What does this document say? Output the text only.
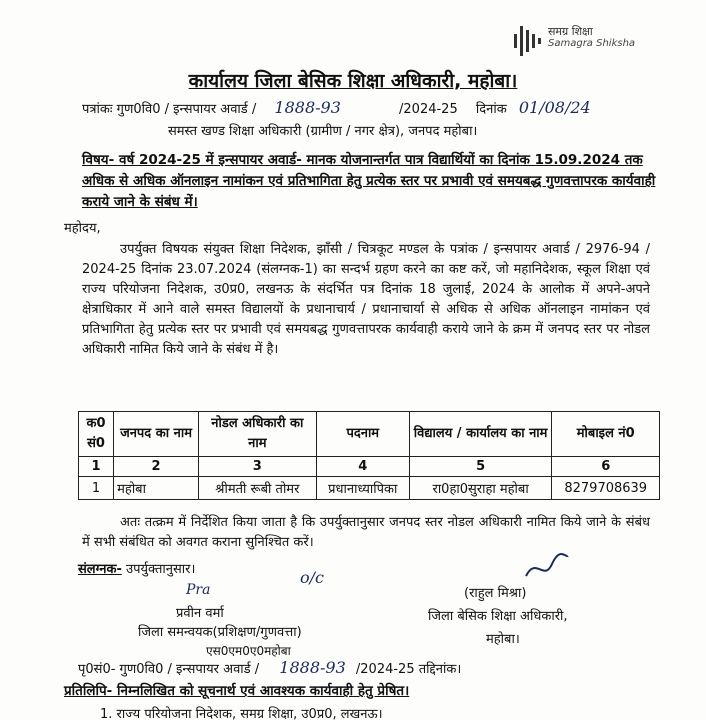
समग्र शिक्षा
Samagra Shiksha
कार्यालय जिला बेसिक शिक्षा अधिकारी, महोबा।
पत्रांकः गुण0वि0 / इन्सपायर अवार्ड / 1888-93	/2024-25 दिनांक 01/08/24
समस्त खण्ड शिक्षा अधिकारी (ग्रामीण / नगर क्षेत्र), जनपद महोबा।
विषय- वर्ष 2024-25 में इन्सपायर अवार्ड- मानक योजनान्तर्गत पात्र विद्यार्थियों का दिनांक 15.09.2024 तक अधिक से अधिक ऑनलाइन नामांकन एवं प्रतिभागिता हेतु प्रत्येक स्तर पर प्रभावी एवं समयबद्ध गुणवत्तापरक कार्यवाही कराये जाने के संबंध में।
महोदय,
उपर्युक्त विषयक संयुक्त शिक्षा निदेशक, झाँसी / चित्रकूट मण्डल के पत्रांक / इन्सपायर अवार्ड / 2976-94 / 2024-25 दिनांक 23.07.2024 (संलग्नक-1) का सन्दर्भ ग्रहण करने का कष्ट करें, जो महानिदेशक, स्कूल शिक्षा एवं राज्य परियोजना निदेशक, उ0प्र0, लखनऊ के संदर्भित पत्र दिनांक 18 जुलाई, 2024 के आलोक में अपने-अपने क्षेत्राधिकार में आने वाले समस्त विद्यालयों के प्रधानाचार्य / प्रधानाचार्या से अधिक से अधिक ऑनलाइन नामांकन एवं प्रतिभागिता हेतु प्रत्येक स्तर पर प्रभावी एवं समयबद्ध गुणवत्तापरक कार्यवाही कराये जाने के क्रम में जनपद स्तर पर नोडल अधिकारी नामित किये जाने के संबंध में है।
क0 सं0	जनपद का नाम	नोडल अधिकारी का नाम	पदनाम	विद्यालय / कार्यालय का नाम	मोबाइल नं0
1	2	3	4	5	6
1	महोबा	श्रीमती रूबी तोमर	प्रधानाध्यापिका	रा0हा0सुराहा महोबा	8279708639
अतः तत्क्रम में निर्देशित किया जाता है कि उपर्युक्तानुसार जनपद स्तर नोडल अधिकारी नामित किये जाने के संबंध में सभी संबंधित को अवगत कराना सुनिश्चित करें।
संलग्नक- उपर्युक्तानुसार।	o/c
(राहुल मिश्रा)
जिला बेसिक शिक्षा अधिकारी,
महोबा।
Pra
प्रवीन वर्मा
जिला समन्वयक(प्रशिक्षण/गुणवत्ता)
एस0एम0ए0महोबा
पृ0सं0- गुण0वि0 / इन्सपायर अवार्ड / 1888-93 /2024-25 तद्दिनांक।
प्रतिलिपि- निम्नलिखित को सूचनार्थ एवं आवश्यक कार्यवाही हेतु प्रेषित।
1. राज्य परियोजना निदेशक, समग्र शिक्षा, उ0प्र0, लखनऊ।
